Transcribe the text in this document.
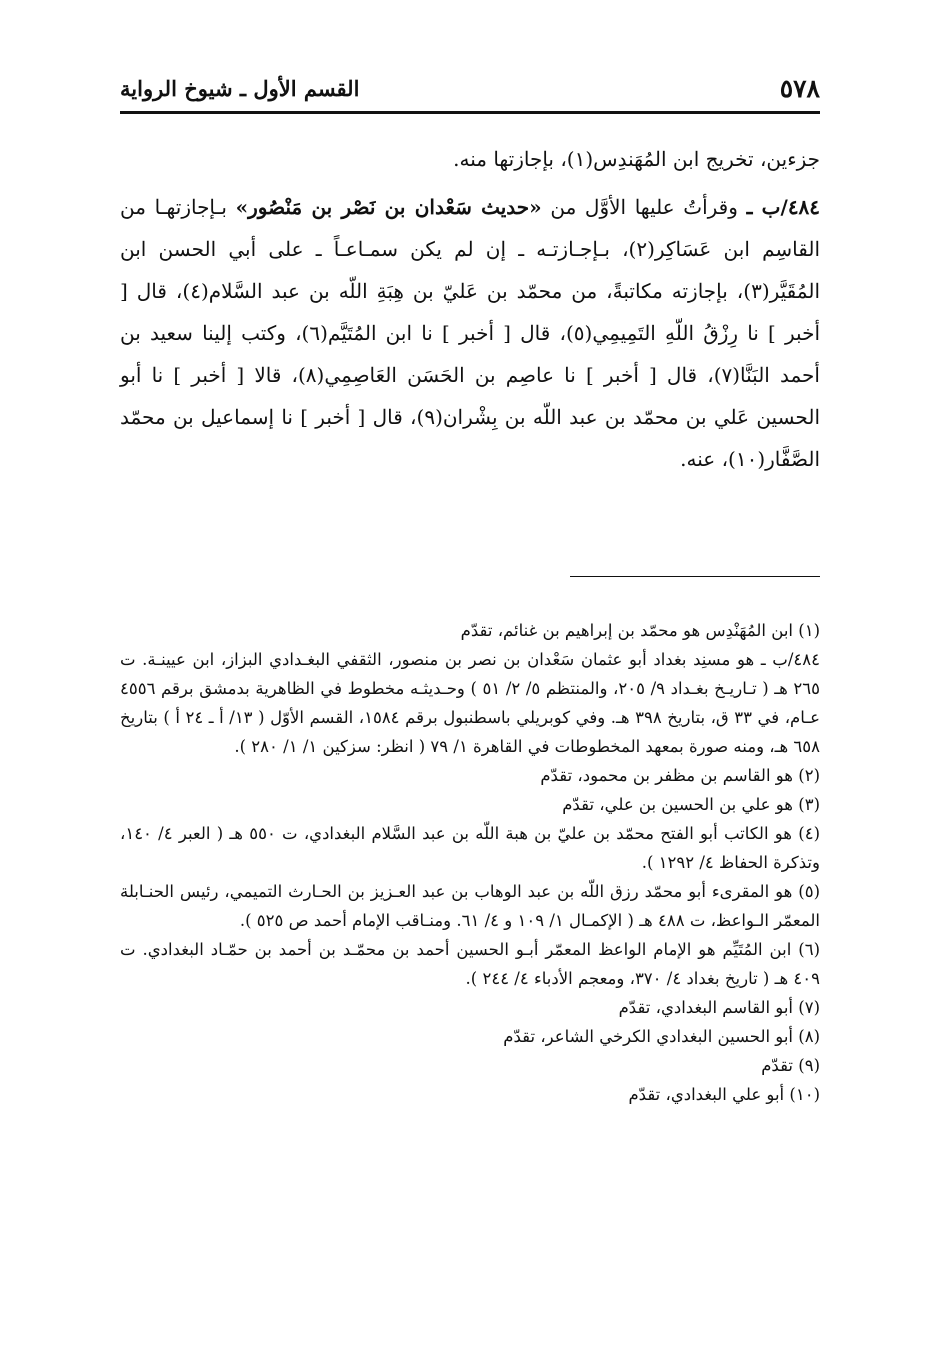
٥٧٨
القسم الأول ـ شيوخ الرواية

جزءين، تخريج ابن المُهَندِس(١)، بإجازتها منه.

٤٨٤/ب ـ وقرأتُ عليها الأوَّل من «حديث سَعْدان بن نَصْر بن مَنْصُور» بـإجازتهـا من القاسِم ابن عَسَاكِر(٢)، بـإجـازتـه ـ إن لم يكن سمـاعـاً ـ على أبي الحسن ابن المُقَيَّر(٣)، بإجازته مكاتبةً، من محمّد بن عَليّ بن هِبَةِ اللّه بن عبد السَّلام(٤)، قال [ أخبر ] نا رِزْقُ اللّهِ التَمِيمِي(٥)، قال [ أخبر ] نا ابن المُتَيَّم(٦)، وكتب إلينا سعيد بن أحمد البَنَّا(٧)، قال [ أخبر ] نا عاصِم بن الحَسَن العَاصِمِي(٨)، قالا [ أخبر ] نا أبو الحسين عَلي بن محمّد بن عبد اللّه بن بِشْران(٩)، قال [ أخبر ] نا إسماعيل بن محمّد الصَّفَّار(١٠)، عنه.

(١) ابن المُهَنْدِس هو محمّد بن إبراهيم بن غنائم، تقدّم

٤٨٤/ب ـ هو مسنِد بغداد أبو عثمان سَعْدان بن نصر بن منصور، الثقفي البغـدادي البزاز، ابن عيينـة. ت ٢٦٥ هـ ( تـاريـخ بغـداد ٩/ ٢٠٥، والمنتظم ٥/ ٢/ ٥١ ) وحـديثـه مخطوط في الظاهرية بدمشق برقم ٤٥٥٦ عـام، في ٣٣ ق، بتاريخ ٣٩٨ هـ. وفي كوبريلي باسطنبول برقم ١٥٨٤، القسم الأوّل ( ١٣/ أ ـ ٢٤ أ ) بتاريخ ٦٥٨ هـ، ومنه صورة بمعهد المخطوطات في القاهرة ١/ ٧٩ ( انظر: سزكين ١/ ١/ ٢٨٠ ).

(٢) هو القاسم بن مظفر بن محمود، تقدّم

(٣) هو علي بن الحسين بن علي، تقدّم

(٤) هو الكاتب أبو الفتح محمّد بن عليّ بن هبة اللّه بن عبد السَّلام البغدادي، ت ٥٥٠ هـ ( العبر ٤/ ١٤٠، وتذكرة الحفاظ ٤/ ١٢٩٢ ).

(٥) هو المقرىء أبو محمّد رزق اللّه بن عبد الوهاب بن عبد العـزيز بن الحـارث التميمي، رئيس الحنـابلة المعمّر الـواعظ، ت ٤٨٨ هـ ( الإكمـال ١/ ١٠٩ و ٤/ ٦١. ومنـاقب الإمام أحمد ص ٥٢٥ ).

(٦) ابن المُتَيِّم هو الإمام الواعظ المعمّر أبـو الحسين أحمد بن محمّـد بن أحمد بن حمّـاد البغدادي. ت ٤٠٩ هـ ( تاريخ بغداد ٤/ ٣٧٠، ومعجم الأدباء ٤/ ٢٤٤ ).

(٧) أبو القاسم البغدادي، تقدّم

(٨) أبو الحسين البغدادي الكرخي الشاعر، تقدّم

(٩) تقدّم

(١٠) أبو علي البغدادي، تقدّم
